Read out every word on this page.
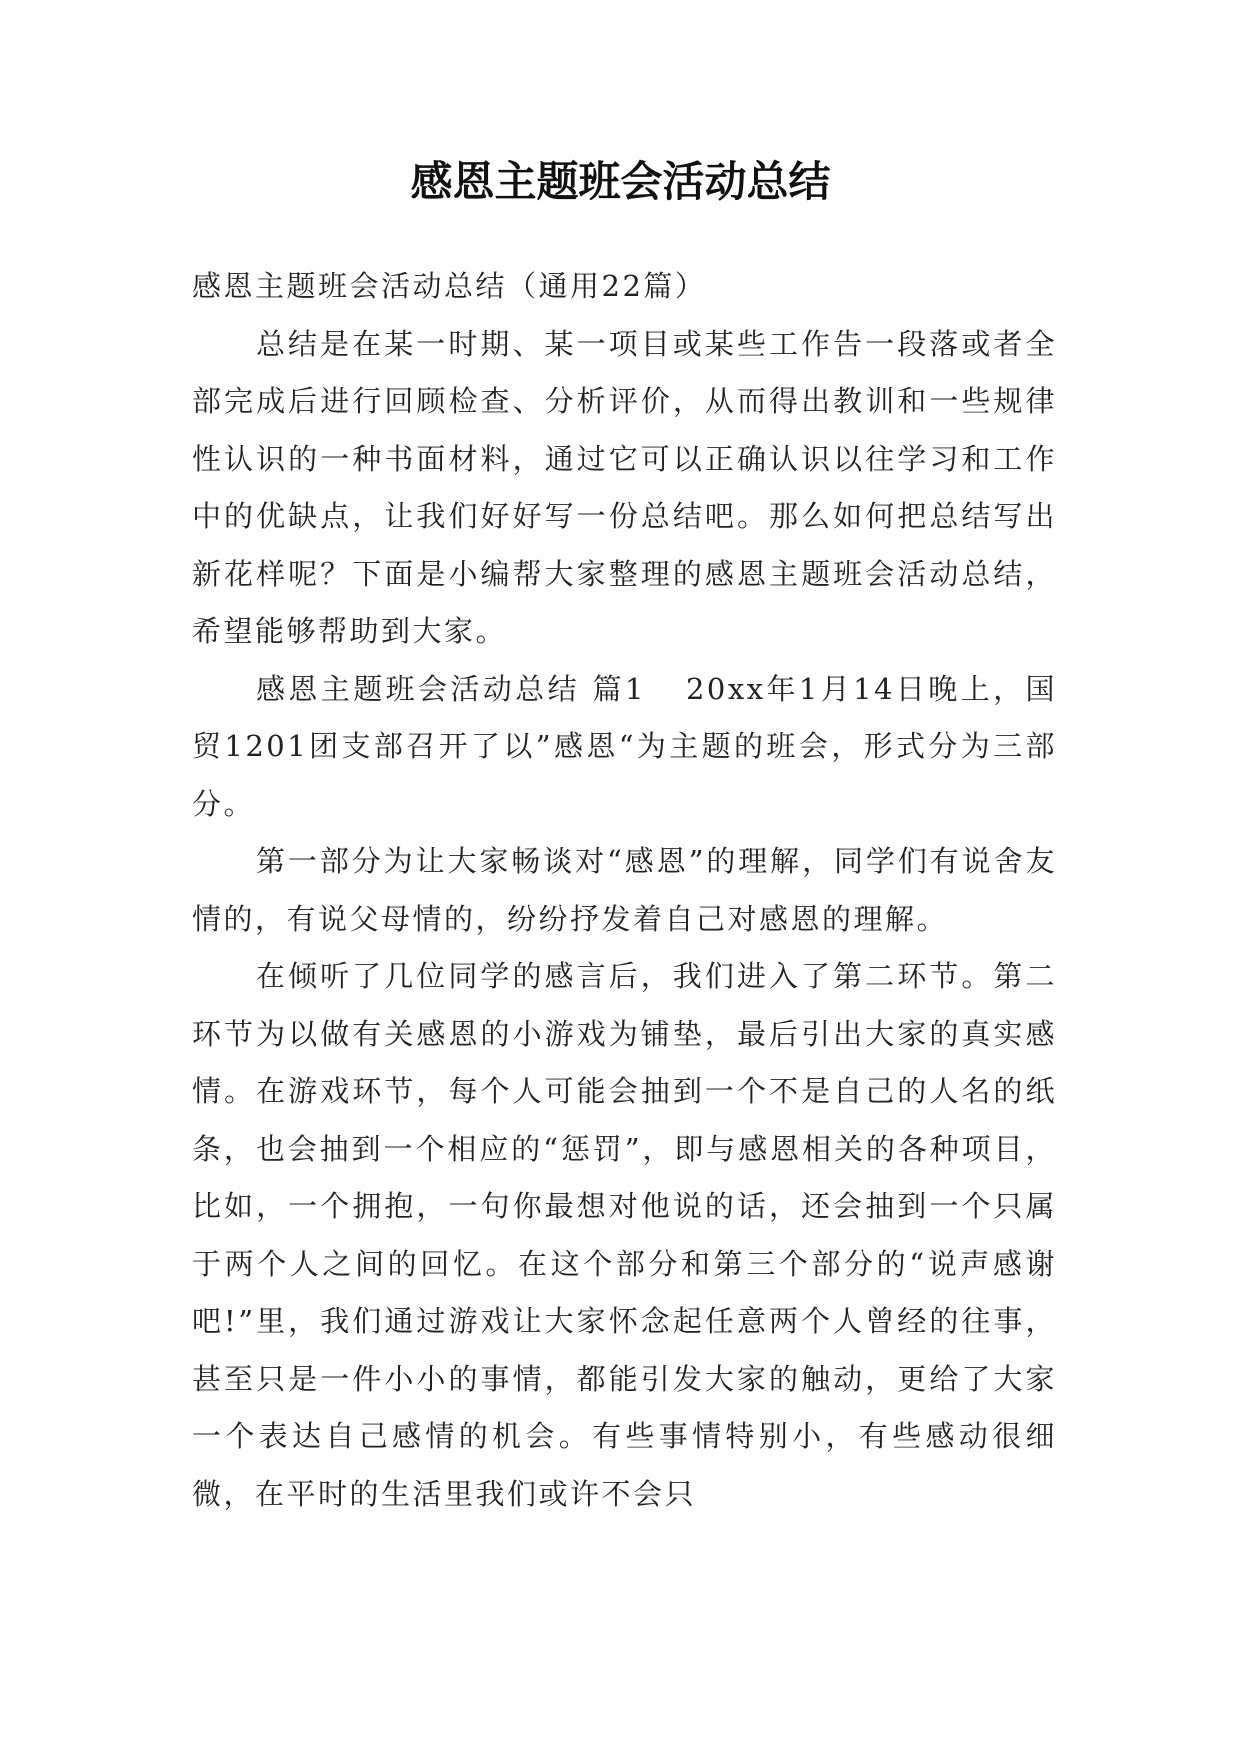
感恩主题班会活动总结

感恩主题班会活动总结（通用22篇）

总结是在某一时期、某一项目或某些工作告一段落或者全部完成后进行回顾检查、分析评价，从而得出教训和一些规律性认识的一种书面材料，通过它可以正确认识以往学习和工作中的优缺点，让我们好好写一份总结吧。那么如何把总结写出新花样呢？下面是小编帮大家整理的感恩主题班会活动总结，希望能够帮助到大家。

感恩主题班会活动总结 篇1 20xx年1月14日晚上，国贸1201团支部召开了以”感恩“为主题的班会，形式分为三部分。

第一部分为让大家畅谈对“感恩”的理解，同学们有说舍友情的，有说父母情的，纷纷抒发着自己对感恩的理解。

在倾听了几位同学的感言后，我们进入了第二环节。第二环节为以做有关感恩的小游戏为铺垫，最后引出大家的真实感情。在游戏环节，每个人可能会抽到一个不是自己的人名的纸条，也会抽到一个相应的“惩罚”，即与感恩相关的各种项目，比如，一个拥抱，一句你最想对他说的话，还会抽到一个只属于两个人之间的回忆。在这个部分和第三个部分的“说声感谢吧!”里，我们通过游戏让大家怀念起任意两个人曾经的往事，甚至只是一件小小的事情，都能引发大家的触动，更给了大家一个表达自己感情的机会。有些事情特别小，有些感动很细微，在平时的生活里我们或许不会只
